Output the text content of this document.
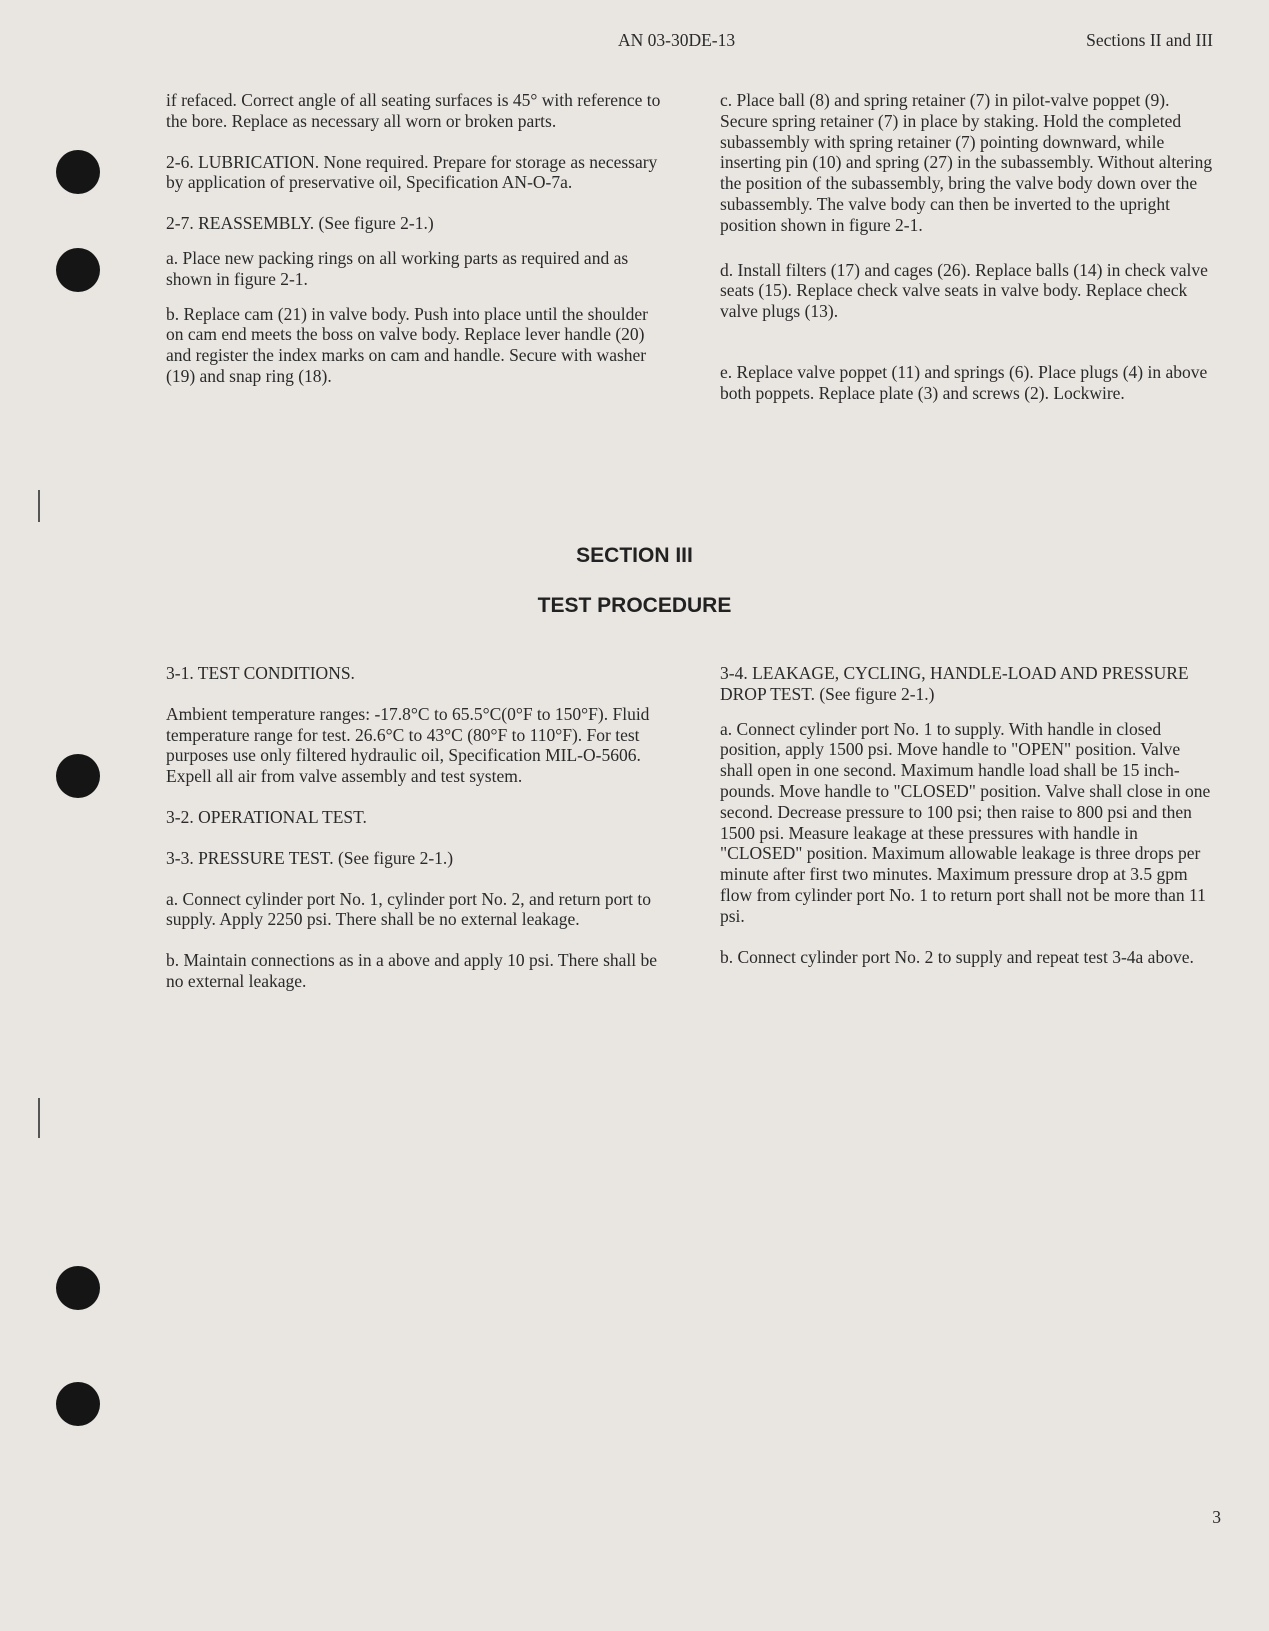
AN 03-30DE-13	Sections II and III

if refaced. Correct angle of all seating surfaces is 45° with reference to the bore. Replace as necessary all worn or broken parts.

2-6. LUBRICATION. None required. Prepare for storage as necessary by application of preservative oil, Specification AN-O-7a.

2-7. REASSEMBLY. (See figure 2-1.)

a. Place new packing rings on all working parts as required and as shown in figure 2-1.

b. Replace cam (21) in valve body. Push into place until the shoulder on cam end meets the boss on valve body. Replace lever handle (20) and register the index marks on cam and handle. Secure with washer (19) and snap ring (18).

c. Place ball (8) and spring retainer (7) in pilot-valve poppet (9). Secure spring retainer (7) in place by staking. Hold the completed subassembly with spring retainer (7) pointing downward, while inserting pin (10) and spring (27) in the subassembly. Without altering the position of the subassembly, bring the valve body down over the subassembly. The valve body can then be inverted to the upright position shown in figure 2-1.

d. Install filters (17) and cages (26). Replace balls (14) in check valve seats (15). Replace check valve seats in valve body. Replace check valve plugs (13).

e. Replace valve poppet (11) and springs (6). Place plugs (4) in above both poppets. Replace plate (3) and screws (2). Lockwire.

SECTION III
TEST PROCEDURE

3-1. TEST CONDITIONS.

Ambient temperature ranges: -17.8°C to 65.5°C(0°F to 150°F). Fluid temperature range for test. 26.6°C to 43°C (80°F to 110°F). For test purposes use only filtered hydraulic oil, Specification MIL-O-5606. Expell all air from valve assembly and test system.

3-2. OPERATIONAL TEST.

3-3. PRESSURE TEST. (See figure 2-1.)

a. Connect cylinder port No. 1, cylinder port No. 2, and return port to supply. Apply 2250 psi. There shall be no external leakage.

b. Maintain connections as in a above and apply 10 psi. There shall be no external leakage.

3-4. LEAKAGE, CYCLING, HANDLE-LOAD AND PRESSURE DROP TEST. (See figure 2-1.)

a. Connect cylinder port No. 1 to supply. With handle in closed position, apply 1500 psi. Move handle to "OPEN" position. Valve shall open in one second. Maximum handle load shall be 15 inch-pounds. Move handle to "CLOSED" position. Valve shall close in one second. Decrease pressure to 100 psi; then raise to 800 psi and then 1500 psi. Measure leakage at these pressures with handle in "CLOSED" position. Maximum allowable leakage is three drops per minute after first two minutes. Maximum pressure drop at 3.5 gpm flow from cylinder port No. 1 to return port shall not be more than 11 psi.

b. Connect cylinder port No. 2 to supply and repeat test 3-4a above.

3
